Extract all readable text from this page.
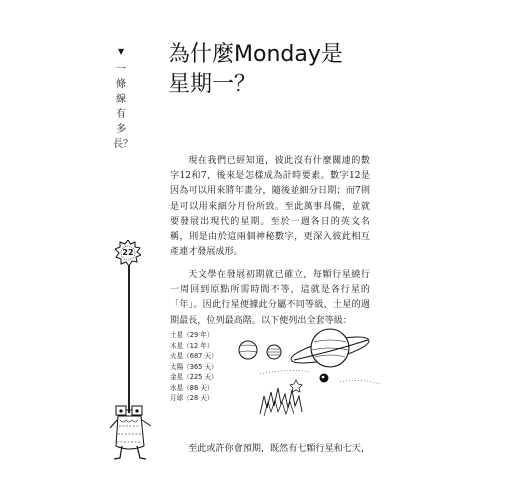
▼
一條線有多長？
22
為什麼Monday是
星期一？

現在我們已經知道，彼此沒有什麼關連的數字12和7，後來是怎樣成為計時要素。數字12是因為可以用來將年畫分，隨後並細分日期；而7則是可以用來細分月份所致。至此萬事具備，並就要發展出現代的星期。至於一週各日的英文名稱，則是由於這兩個神秘數字，更深入彼此相互產連才發展成形。

天文學在發展初期就已確立，每顆行星繞行一周回到原點所需時間不等，這就是各行星的「年」。因此行星便據此分屬不同等級，土星的週期最長，位列最高階。以下便列出全套等級：

土星（29 年）
木星（12 年）
火星（687 天）
太陽（365 天）
金星（225 天）
水星（88 天）
月球（28 天）

至此或許你會預期，既然有七顆行星和七天，
